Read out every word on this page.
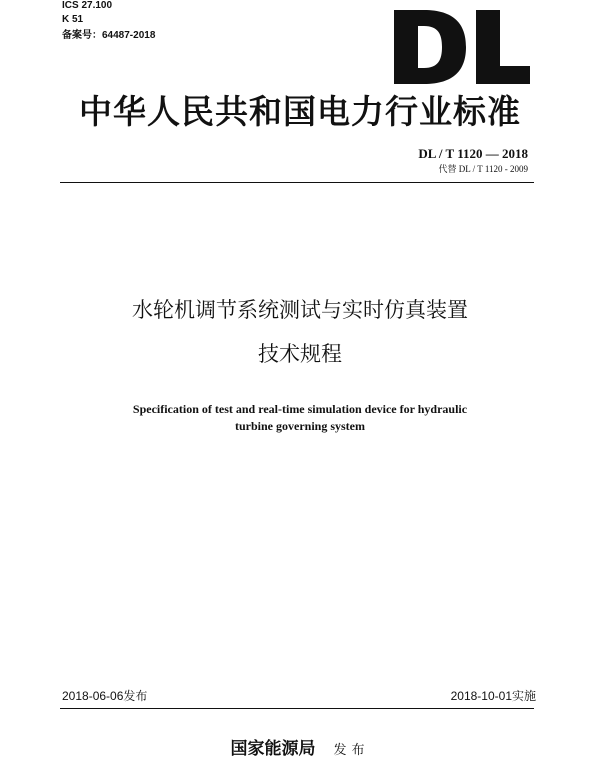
ICS 27.100
K 51
备案号：64487-2018
中华人民共和国电力行业标准
DL / T 1120 — 2018
代替 DL / T 1120 - 2009
水轮机调节系统测试与实时仿真装置
技术规程
Specification of test and real-time simulation device for hydraulic
turbine governing system
2018-06-06发布	2018-10-01实施
国家能源局 发布
